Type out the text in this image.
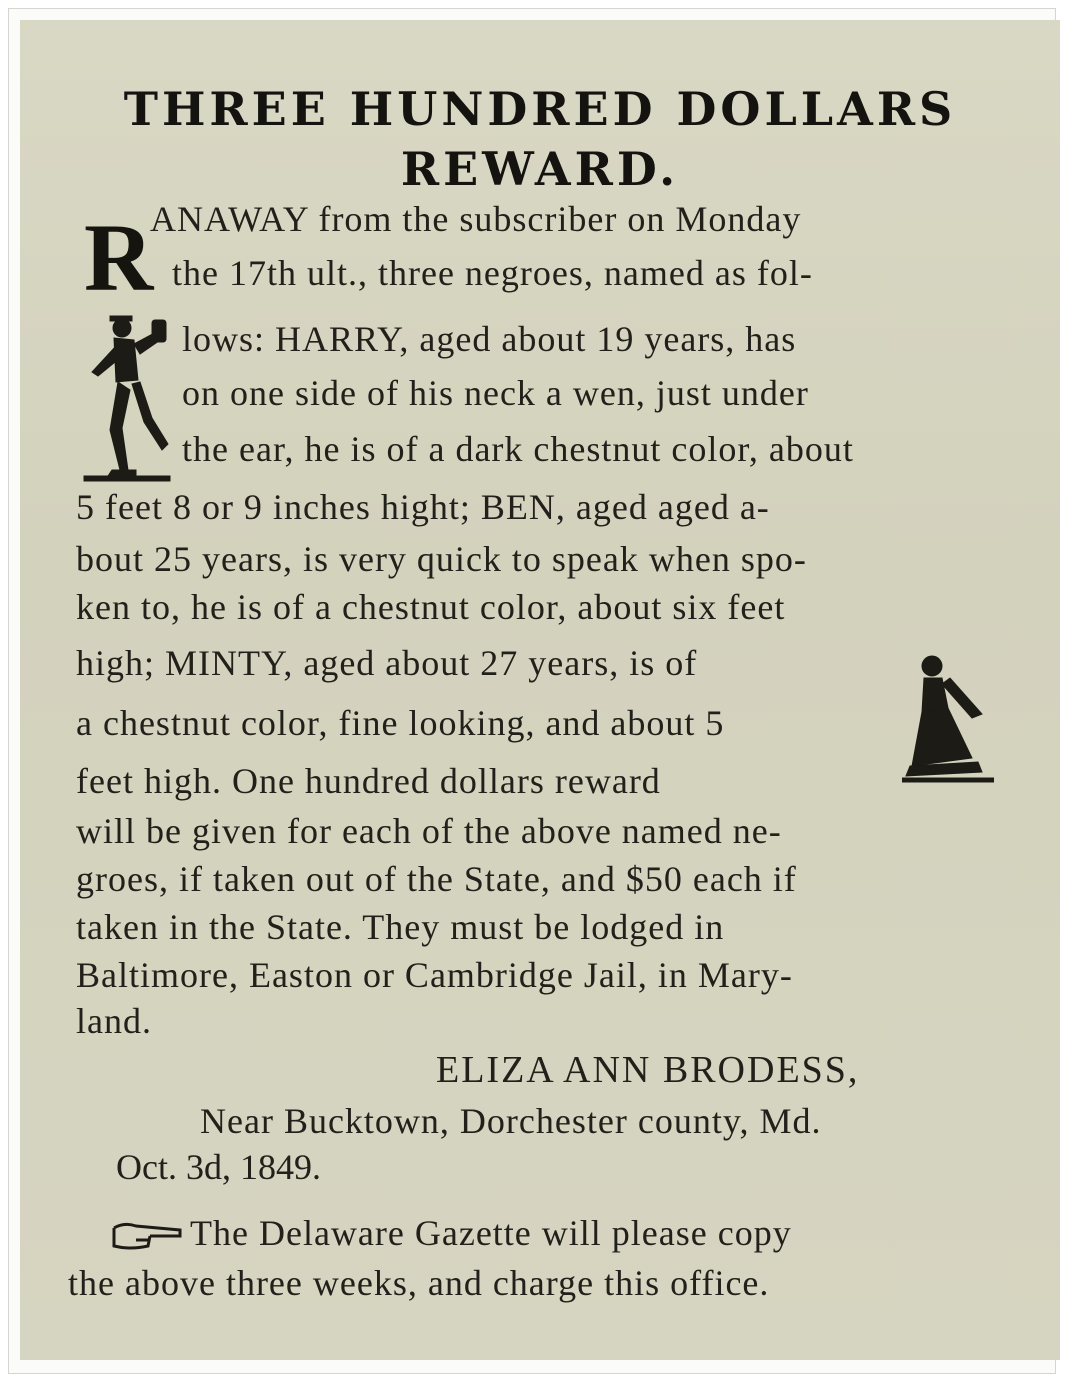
THREE HUNDRED DOLLARS
REWARD.
R
ANAWAY from the subscriber on Monday
the 17th ult., three negroes, named as fol-
lows: HARRY, aged about 19 years, has
on one side of his neck a wen, just under
the ear, he is of a dark chestnut color, about
5 feet 8 or 9 inches hight; BEN, aged aged a-
bout 25 years, is very quick to speak when spo-
ken to, he is of a chestnut color, about six feet
high; MINTY, aged about 27 years, is of
a chestnut color, fine looking, and about 5
feet high. One hundred dollars reward
will be given for each of the above named ne-
groes, if taken out of the State, and $50 each if
taken in the State. They must be lodged in
Baltimore, Easton or Cambridge Jail, in Mary-
land.
ELIZA ANN BRODESS,
Near Bucktown, Dorchester county, Md.
Oct. 3d, 1849.
The Delaware Gazette will please copy
the above three weeks, and charge this office.
